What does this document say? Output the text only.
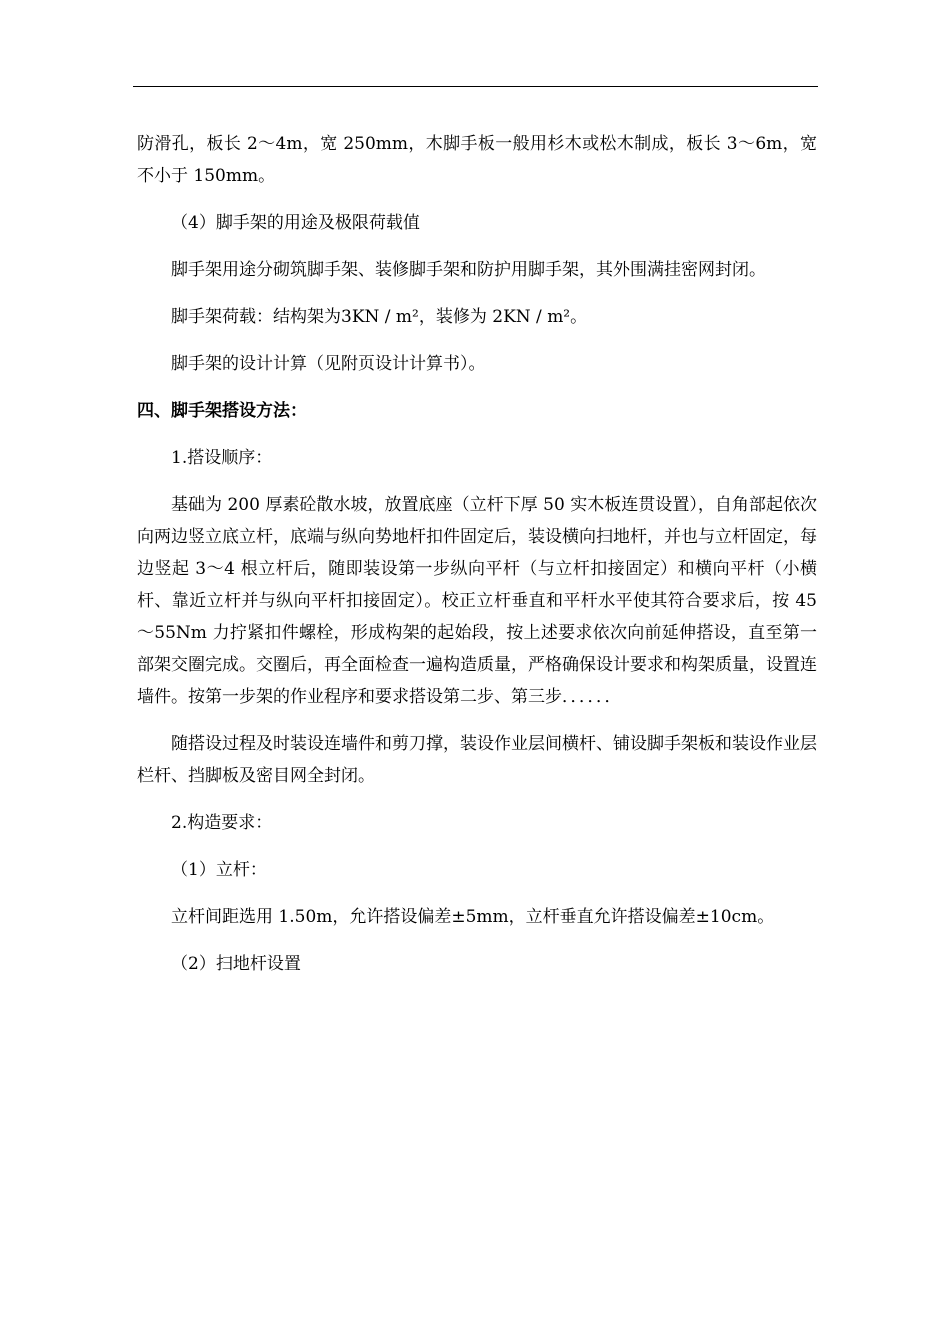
防滑孔，板长 2～4m，宽 250mm，木脚手板一般用杉木或松木制成，板长 3～6m，宽不小于 150mm。

（4）脚手架的用途及极限荷载值

脚手架用途分砌筑脚手架、装修脚手架和防护用脚手架，其外围满挂密网封闭。

脚手架荷载：结构架为3KN / m²，装修为 2KN / m²。

脚手架的设计计算（见附页设计计算书）。

四、脚手架搭设方法：

1.搭设顺序：

基础为 200 厚素砼散水坡，放置底座（立杆下厚 50 实木板连贯设置），自角部起依次向两边竖立底立杆，底端与纵向势地杆扣件固定后，装设横向扫地杆，并也与立杆固定，每边竖起 3～4 根立杆后，随即装设第一步纵向平杆（与立杆扣接固定）和横向平杆（小横杆、靠近立杆并与纵向平杆扣接固定）。校正立杆垂直和平杆水平使其符合要求后，按 45～55Nm 力拧紧扣件螺栓，形成构架的起始段，按上述要求依次向前延伸搭设，直至第一部架交圈完成。交圈后，再全面检查一遍构造质量，严格确保设计要求和构架质量，设置连墙件。按第一步架的作业程序和要求搭设第二步、第三步．．．．．．

随搭设过程及时装设连墙件和剪刀撑，装设作业层间横杆、铺设脚手架板和装设作业层栏杆、挡脚板及密目网全封闭。

2.构造要求：

（1）立杆：

立杆间距选用 1.50m，允许搭设偏差±5mm，立杆垂直允许搭设偏差±10cm。

（2）扫地杆设置
